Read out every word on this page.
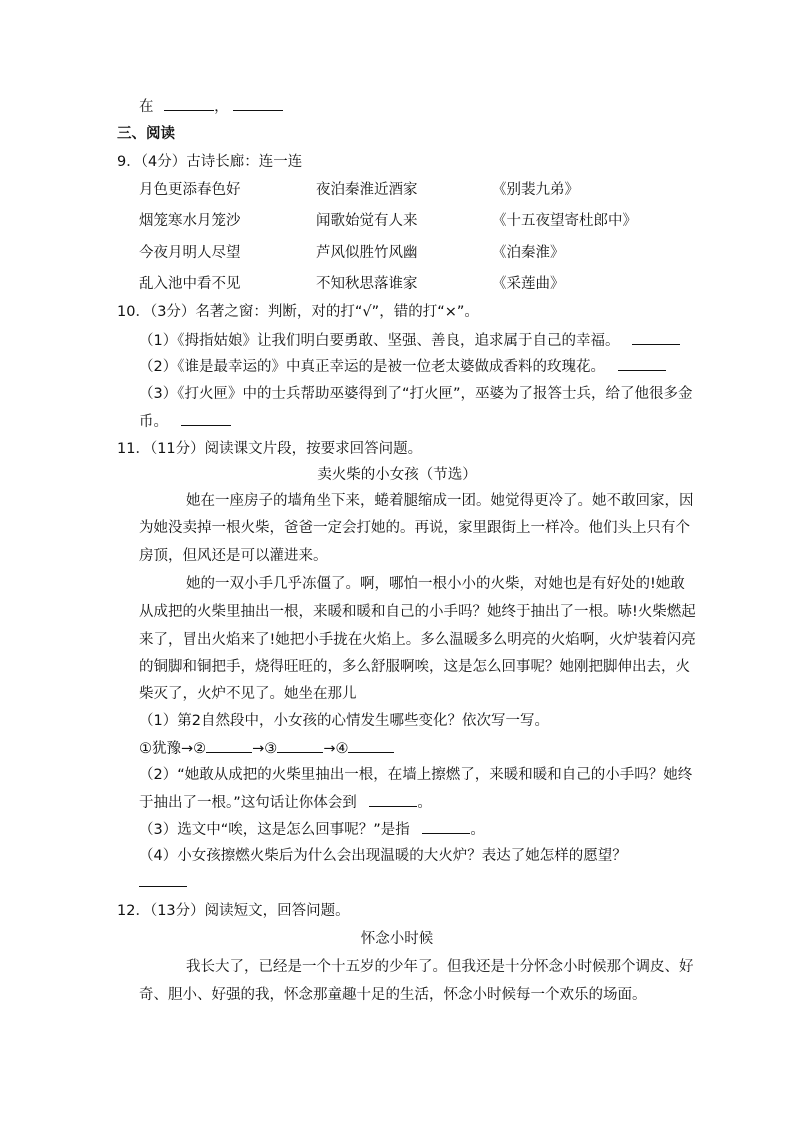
在	，
三、阅读
9．（4分）古诗长廊：连一连
月色更添春色好	夜泊秦淮近酒家	《别裴九弟》
烟笼寒水月笼沙	闻歌始觉有人来	《十五夜望寄杜郎中》
今夜月明人尽望	芦风似胜竹风幽	《泊秦淮》
乱入池中看不见	不知秋思落谁家	《采莲曲》
10．（3分）名著之窗：判断，对的打“√”，错的打“×”。
（1）《拇指姑娘》让我们明白要勇敢、坚强、善良，追求属于自己的幸福。
（2）《谁是最幸运的》中真正幸运的是被一位老太婆做成香料的玫瑰花。
（3）《打火匣》中的士兵帮助巫婆得到了“打火匣”，巫婆为了报答士兵，给了他很多金
币。
11．（11分）阅读课文片段，按要求回答问题。
卖火柴的小女孩（节选）
她在一座房子的墙角坐下来，蜷着腿缩成一团。她觉得更冷了。她不敢回家，因
为她没卖掉一根火柴，爸爸一定会打她的。再说，家里跟街上一样冷。他们头上只有个
房顶，但风还是可以灌进来。
她的一双小手几乎冻僵了。啊，哪怕一根小小的火柴，对她也是有好处的!她敢
从成把的火柴里抽出一根，来暖和暖和自己的小手吗？她终于抽出了一根。哧!火柴燃起
来了，冒出火焰来了!她把小手拢在火焰上。多么温暖多么明亮的火焰啊，火炉装着闪亮
的铜脚和铜把手，烧得旺旺的，多么舒服啊唉，这是怎么回事呢？她刚把脚伸出去，火
柴灭了，火炉不见了。她坐在那儿
（1）第2自然段中，小女孩的心情发生哪些变化？依次写一写。
①犹豫→②	→③	→④
（2）“她敢从成把的火柴里抽出一根，在墙上擦燃了，来暖和暖和自己的小手吗？她终
于抽出了一根。”这句话让你体会到	。
（3）选文中“唉，这是怎么回事呢？”是指	。
（4）小女孩擦燃火柴后为什么会出现温暖的大火炉？表达了她怎样的愿望？
12．（13分）阅读短文，回答问题。
怀念小时候
我长大了，已经是一个十五岁的少年了。但我还是十分怀念小时候那个调皮、好
奇、胆小、好强的我，怀念那童趣十足的生活，怀念小时候每一个欢乐的场面。
